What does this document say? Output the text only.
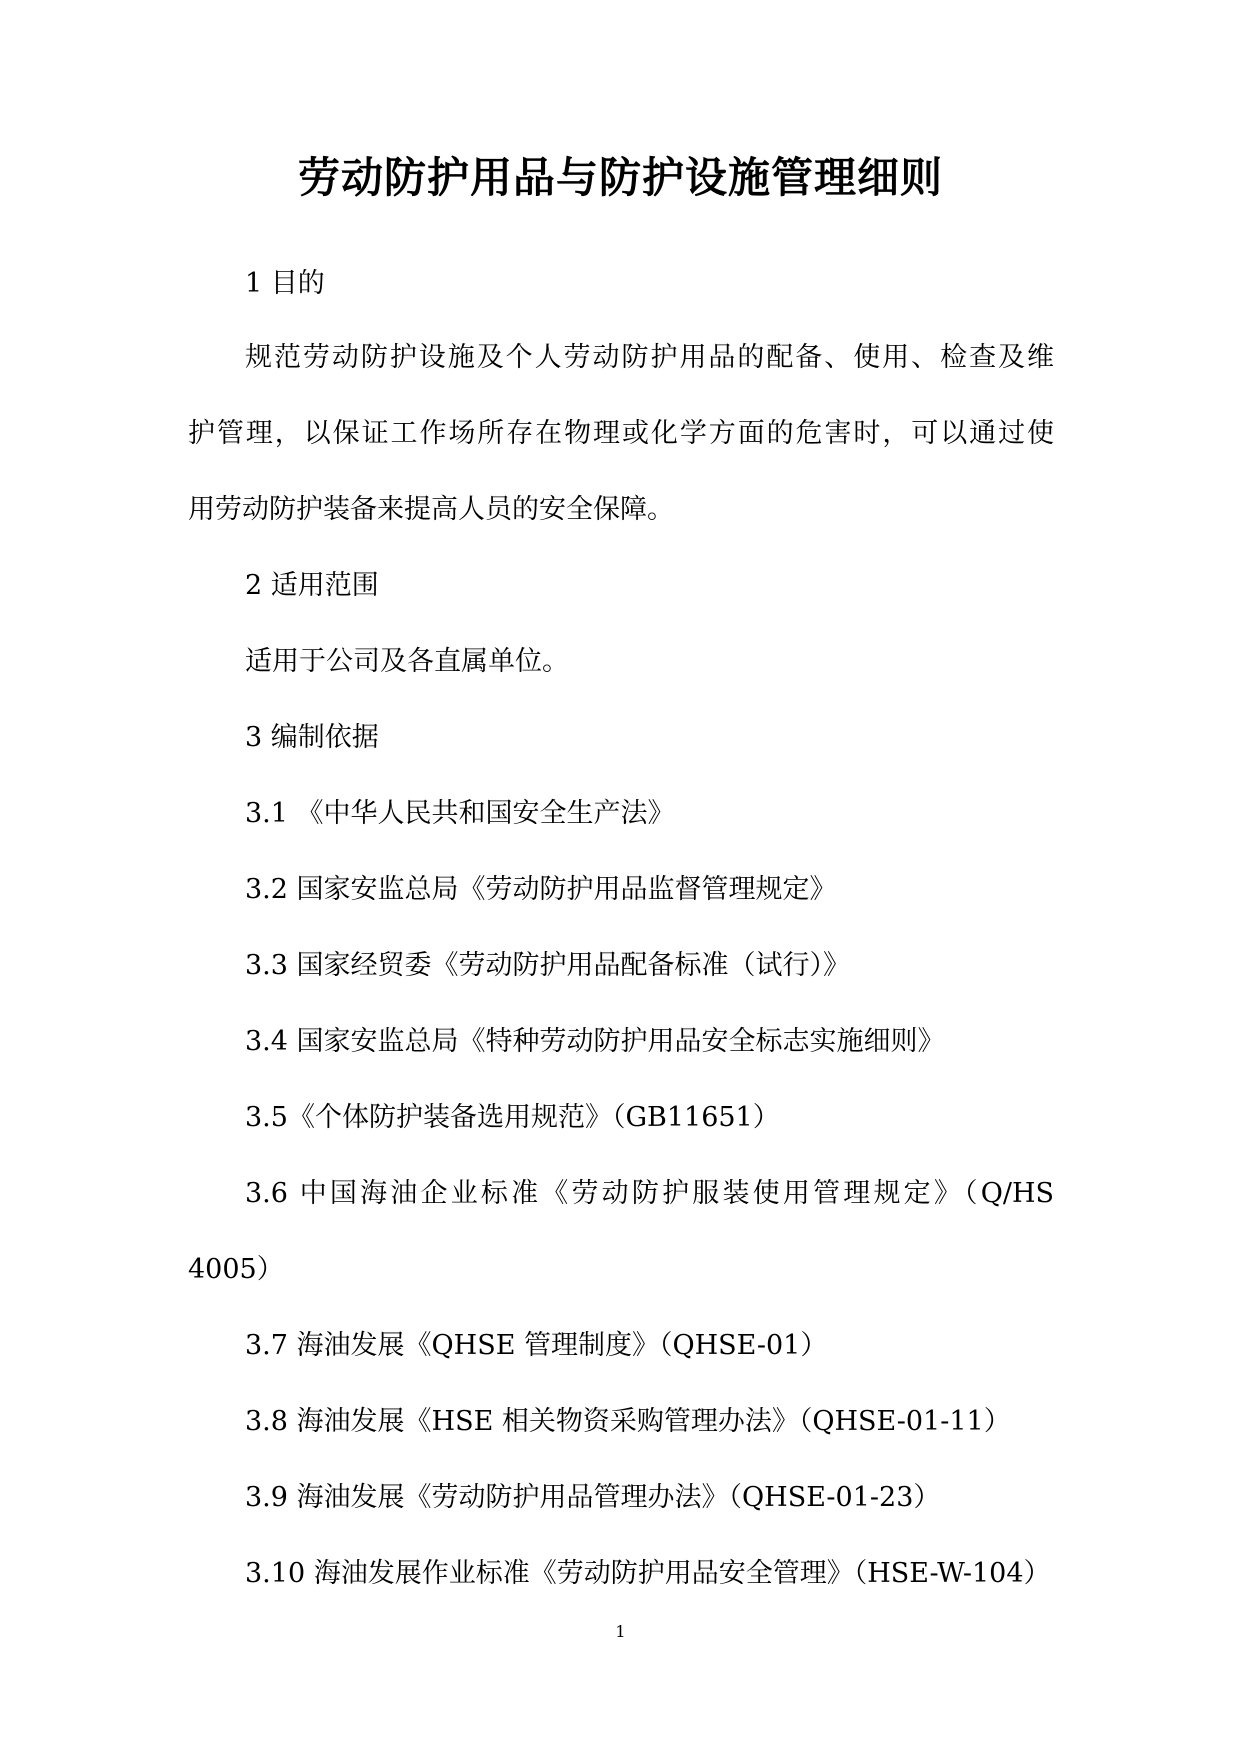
劳动防护用品与防护设施管理细则

1 目的

规范劳动防护设施及个人劳动防护用品的配备、使用、检查及维

护管理，以保证工作场所存在物理或化学方面的危害时，可以通过使

用劳动防护装备来提高人员的安全保障。

2 适用范围

适用于公司及各直属单位。

3 编制依据

3.1 《中华人民共和国安全生产法》

3.2 国家安监总局《劳动防护用品监督管理规定》

3.3 国家经贸委《劳动防护用品配备标准（试行）》

3.4 国家安监总局《特种劳动防护用品安全标志实施细则》

3.5《个体防护装备选用规范》（GB11651）

3.6 中国海油企业标准《劳动防护服装使用管理规定》（Q/HS

4005）

3.7 海油发展《QHSE 管理制度》（QHSE-01）

3.8 海油发展《HSE 相关物资采购管理办法》（QHSE-01-11）

3.9 海油发展《劳动防护用品管理办法》（QHSE-01-23）

3.10 海油发展作业标准《劳动防护用品安全管理》（HSE-W-104）

1
